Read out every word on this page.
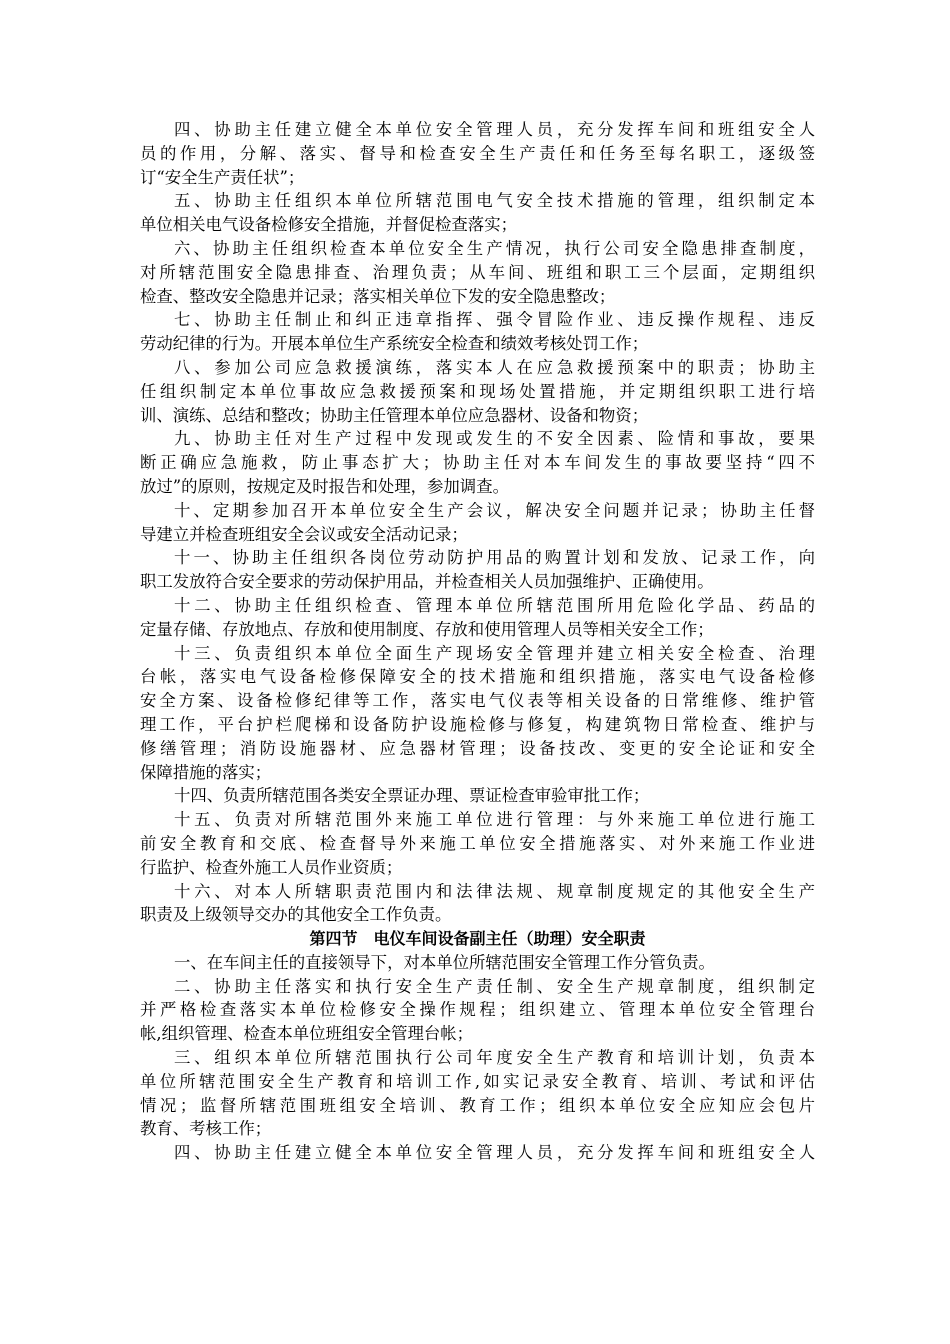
四、协助主任建立健全本单位安全管理人员，充分发挥车间和班组安全人
员的作用，分解、落实、督导和检查安全生产责任和任务至每名职工，逐级签
订“安全生产责任状”；
五、协助主任组织本单位所辖范围电气安全技术措施的管理，组织制定本
单位相关电气设备检修安全措施，并督促检查落实；
六、协助主任组织检查本单位安全生产情况，执行公司安全隐患排查制度，
对所辖范围安全隐患排查、治理负责；从车间、班组和职工三个层面，定期组织
检查、整改安全隐患并记录；落实相关单位下发的安全隐患整改；
七、协助主任制止和纠正违章指挥、强令冒险作业、违反操作规程、违反
劳动纪律的行为。开展本单位生产系统安全检查和绩效考核处罚工作；
八、参加公司应急救援演练，落实本人在应急救援预案中的职责；协助主
任组织制定本单位事故应急救援预案和现场处置措施，并定期组织职工进行培
训、演练、总结和整改；协助主任管理本单位应急器材、设备和物资；
九、协助主任对生产过程中发现或发生的不安全因素、险情和事故，要果
断正确应急施救，防止事态扩大；协助主任对本车间发生的事故要坚持“四不
放过”的原则，按规定及时报告和处理，参加调查。
十、定期参加召开本单位安全生产会议，解决安全问题并记录；协助主任督
导建立并检查班组安全会议或安全活动记录；
十一、协助主任组织各岗位劳动防护用品的购置计划和发放、记录工作，向
职工发放符合安全要求的劳动保护用品，并检查相关人员加强维护、正确使用。
十二、协助主任组织检查、管理本单位所辖范围所用危险化学品、药品的
定量存储、存放地点、存放和使用制度、存放和使用管理人员等相关安全工作；
十三、负责组织本单位全面生产现场安全管理并建立相关安全检查、治理
台帐，落实电气设备检修保障安全的技术措施和组织措施，落实电气设备检修
安全方案、设备检修纪律等工作，落实电气仪表等相关设备的日常维修、维护管
理工作，平台护栏爬梯和设备防护设施检修与修复，构建筑物日常检查、维护与
修缮管理；消防设施器材、应急器材管理；设备技改、变更的安全论证和安全
保障措施的落实；
十四、负责所辖范围各类安全票证办理、票证检查审验审批工作；
十五、负责对所辖范围外来施工单位进行管理：与外来施工单位进行施工
前安全教育和交底、检查督导外来施工单位安全措施落实、对外来施工作业进
行监护、检查外施工人员作业资质；
十六、对本人所辖职责范围内和法律法规、规章制度规定的其他安全生产
职责及上级领导交办的其他安全工作负责。
第四节　电仪车间设备副主任（助理）安全职责
一、在车间主任的直接领导下，对本单位所辖范围安全管理工作分管负责。
二、协助主任落实和执行安全生产责任制、安全生产规章制度，组织制定
并严格检查落实本单位检修安全操作规程；组织建立、管理本单位安全管理台
帐,组织管理、检查本单位班组安全管理台帐；
三、组织本单位所辖范围执行公司年度安全生产教育和培训计划，负责本
单位所辖范围安全生产教育和培训工作,如实记录安全教育、培训、考试和评估
情况；监督所辖范围班组安全培训、教育工作；组织本单位安全应知应会包片
教育、考核工作；
四、协助主任建立健全本单位安全管理人员，充分发挥车间和班组安全人
